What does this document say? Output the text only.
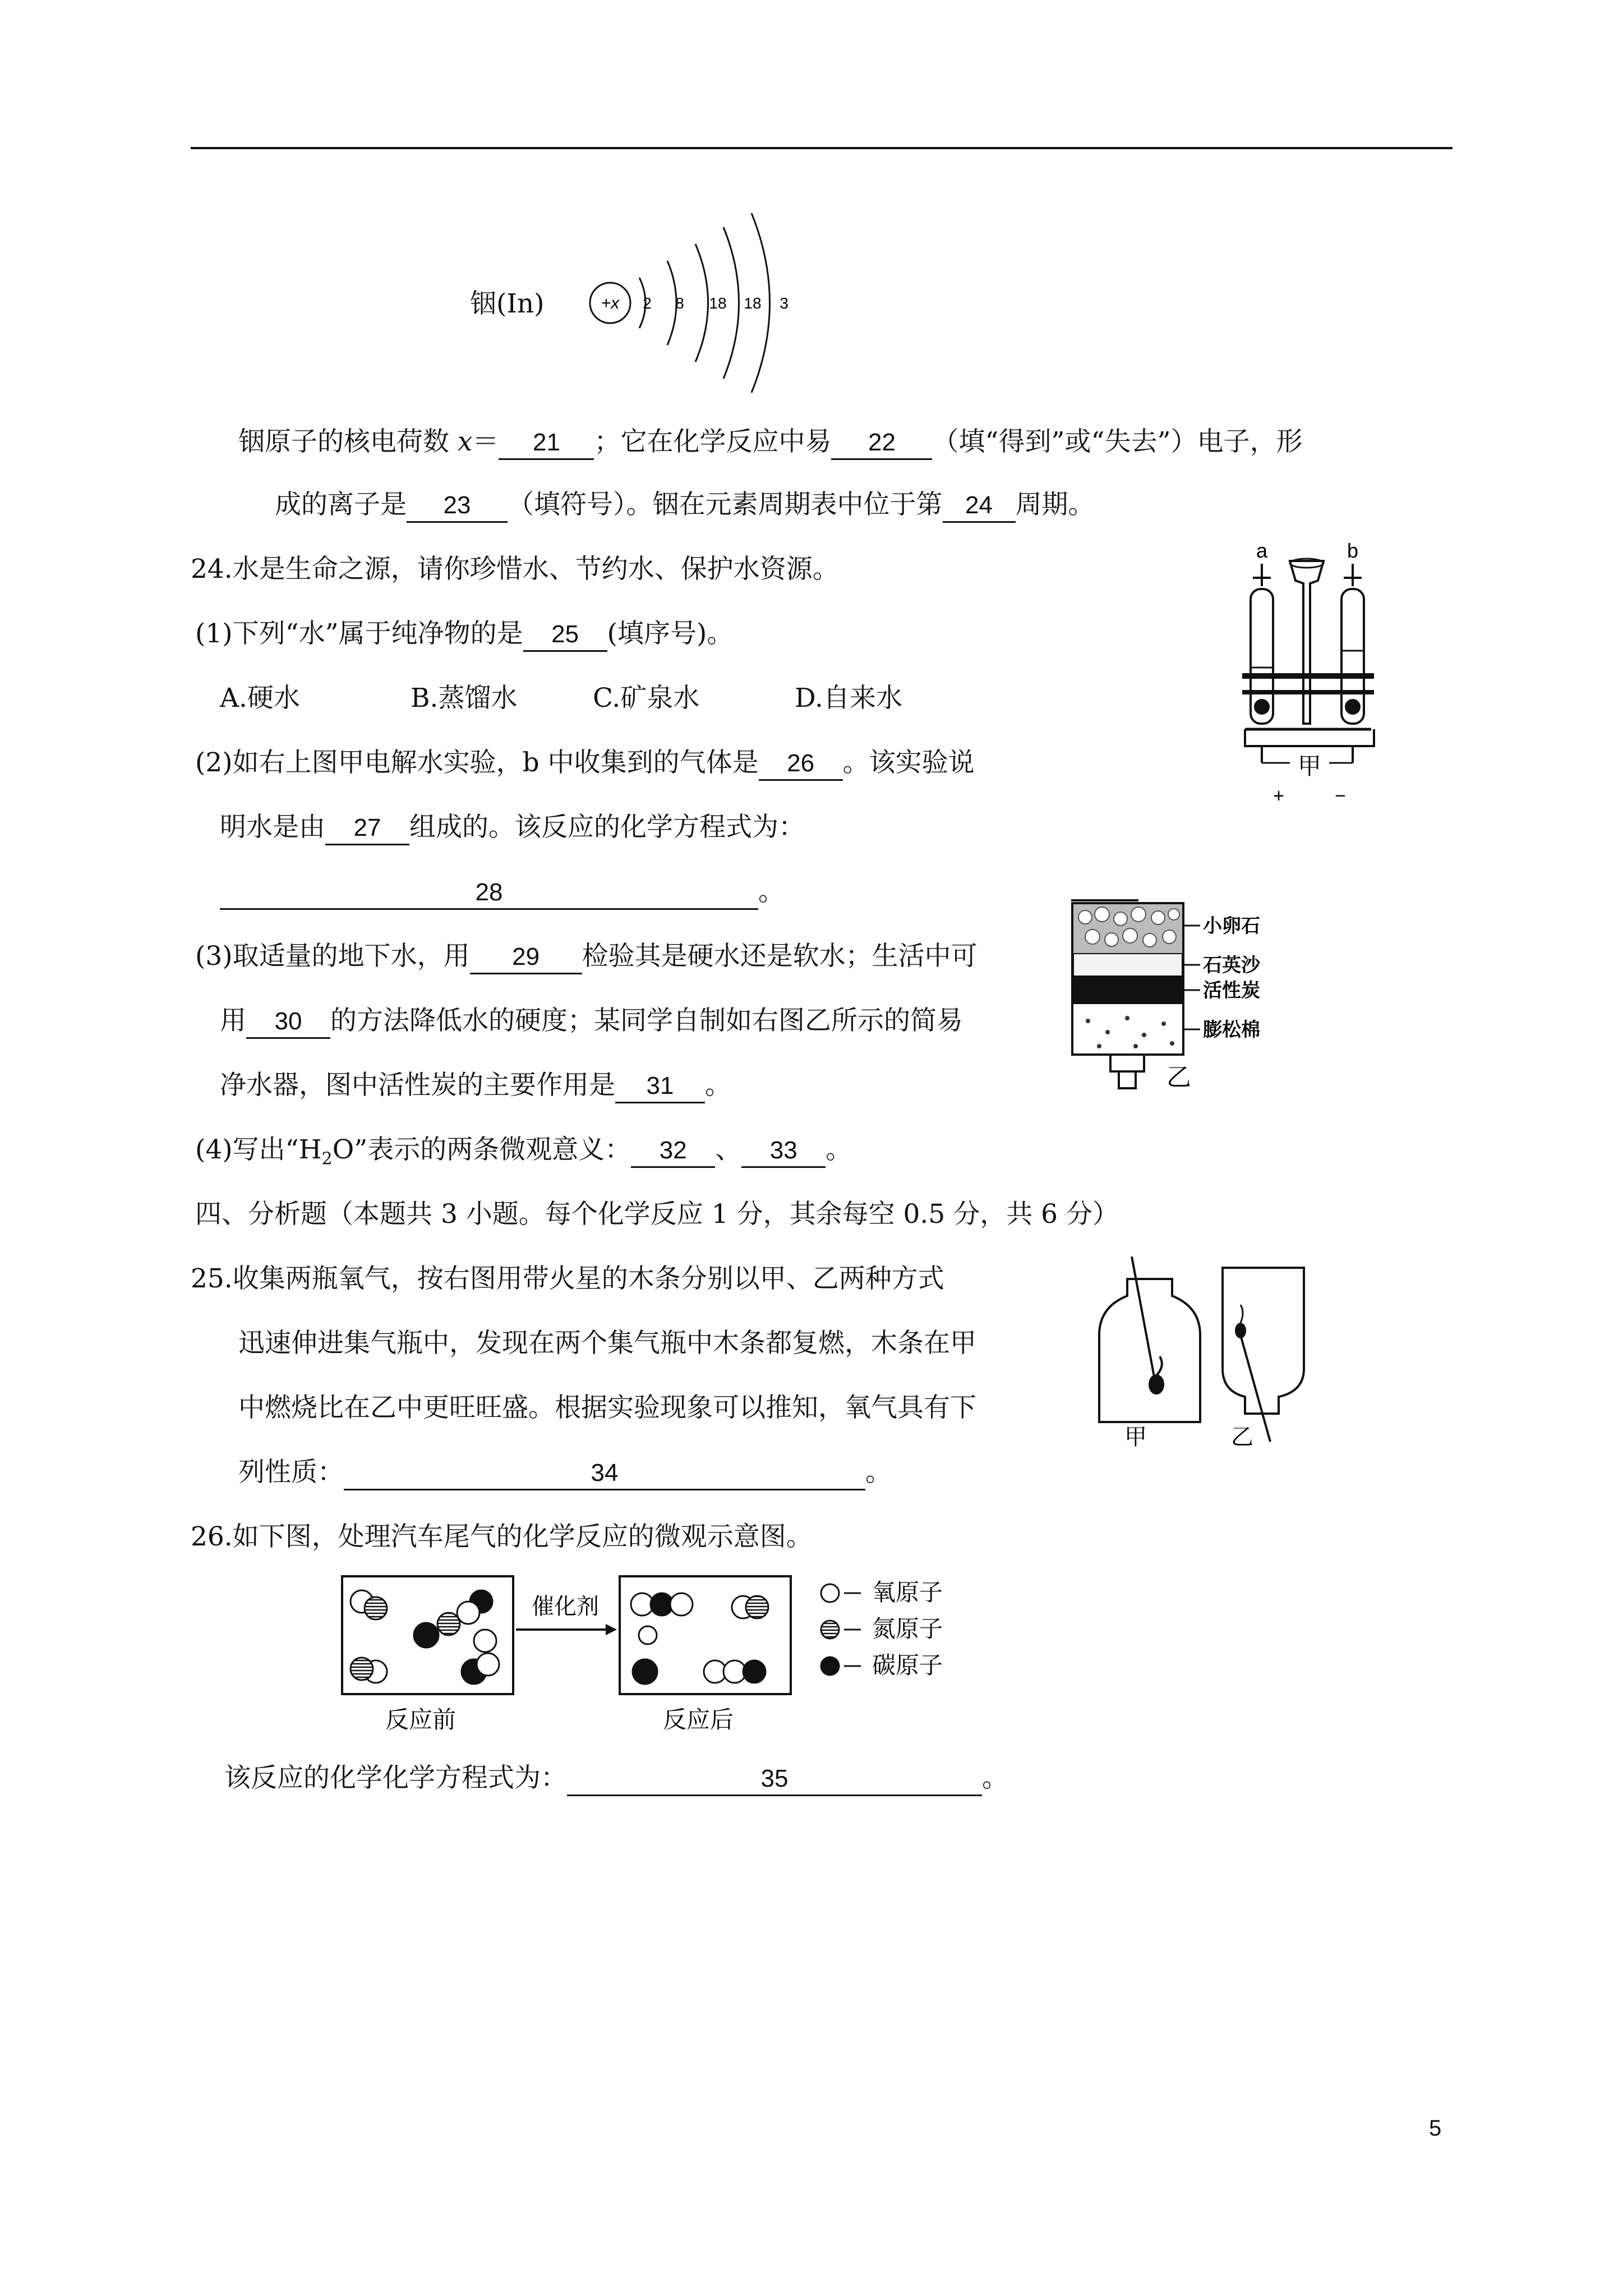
铟(In)	+x 2 8 18 18 3
铟原子的核电荷数 x＝ 21 ；它在化学反应中易 22 （填“得到”或“失去”）电子，形
成的离子是 23 （填符号）。铟在元素周期表中位于第 24 周期。
24.水是生命之源，请你珍惜水、节约水、保护水资源。
(1)下列“水”属于纯净物的是 25 (填序号)。
A.硬水	B.蒸馏水	C.矿泉水	D.自来水
(2)如右上图甲电解水实验，b 中收集到的气体是 26 。该实验说
明水是由 27 组成的。该反应的化学方程式为：
28	。
(3)取适量的地下水，用 29 检验其是硬水还是软水；生活中可
用 30 的方法降低水的硬度；某同学自制如右图乙所示的简易
净水器，图中活性炭的主要作用是 31 。
(4)写出“$H_2O$”表示的两条微观意义： 32 、 33 。
a	b
甲
+	−
小卵石
石英沙
活性炭
膨松棉
乙
四、分析题（本题共 3 小题。每个化学反应 1 分，其余每空 0.5 分，共 6 分）
25.收集两瓶氧气，按右图用带火星的木条分别以甲、乙两种方式
迅速伸进集气瓶中，发现在两个集气瓶中木条都复燃，木条在甲
中燃烧比在乙中更旺旺盛。根据实验现象可以推知，氧气具有下
列性质：	34	。
甲	乙
26.如下图，处理汽车尾气的化学反应的微观示意图。
催化剂
反应前	反应后
氧原子
氮原子
碳原子
该反应的化学化学方程式为：	35	。
5
